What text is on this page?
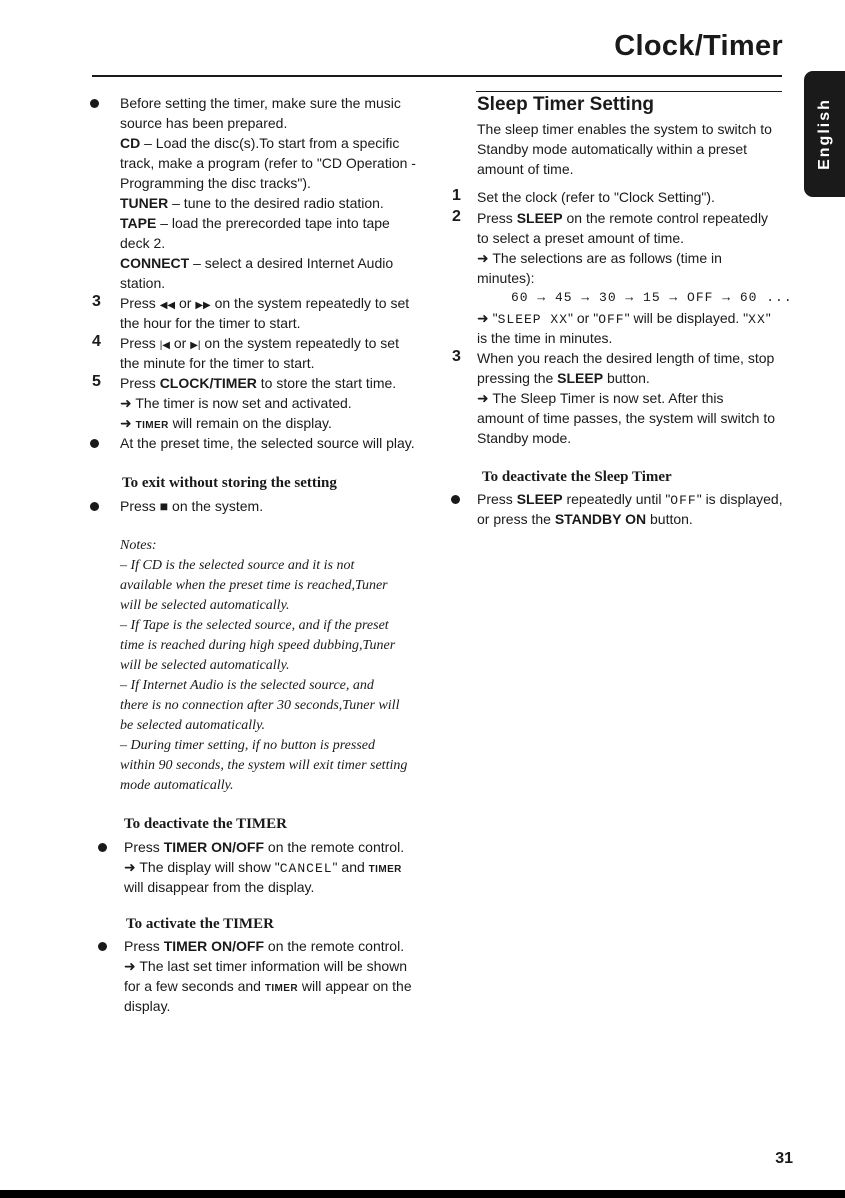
Clock/Timer
English
Before setting the timer, make sure the music
source has been prepared.
CD – Load the disc(s).To start from a specific
track, make a program (refer to "CD Operation -
Programming the disc tracks").
TUNER – tune to the desired radio station.
TAPE – load the prerecorded tape into tape
deck 2.
CONNECT – select a desired Internet Audio
station.
3 Press ◀◀ or ▶▶ on the system repeatedly to set
the hour for the timer to start.
4 Press |◀ or ▶| on the system repeatedly to set
the minute for the timer to start.
5 Press CLOCK/TIMER to store the start time.
➜ The timer is now set and activated.
➜ TIMER will remain on the display.
At the preset time, the selected source will play.
To exit without storing the setting
Press ■ on the system.
Notes:
– If CD is the selected source and it is not
available when the preset time is reached,Tuner
will be selected automatically.
– If Tape is the selected source, and if the preset
time is reached during high speed dubbing,Tuner
will be selected automatically.
– If Internet Audio is the selected source, and
there is no connection after 30 seconds,Tuner will
be selected automatically.
– During timer setting, if no button is pressed
within 90 seconds, the system will exit timer setting
mode automatically.
To deactivate the TIMER
Press TIMER ON/OFF on the remote control.
➜ The display will show "CANCEL" and TIMER
will disappear from the display.
To activate the TIMER
Press TIMER ON/OFF on the remote control.
➜ The last set timer information will be shown
for a few seconds and TIMER will appear on the
display.
Sleep Timer Setting
The sleep timer enables the system to switch to
Standby mode automatically within a preset
amount of time.
1 Set the clock (refer to "Clock Setting").
2 Press SLEEP on the remote control repeatedly
to select a preset amount of time.
➜ The selections are as follows (time in
minutes):
60 → 45 → 30 → 15 → OFF → 60 ...
➜ "SLEEP XX" or "OFF" will be displayed. "XX"
is the time in minutes.
3 When you reach the desired length of time, stop
pressing the SLEEP button.
➜ The Sleep Timer is now set. After this
amount of time passes, the system will switch to
Standby mode.
To deactivate the Sleep Timer
Press SLEEP repeatedly until "OFF" is displayed,
or press the STANDBY ON button.
31
